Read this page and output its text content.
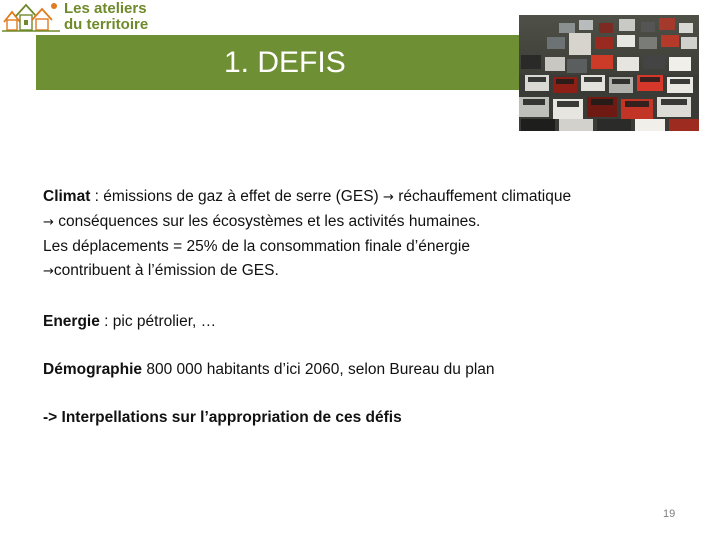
Les ateliers
du territoire
1. DEFIS

Climat : émissions de gaz à effet de serre (GES) → réchauffement climatique
→ conséquences sur les écosystèmes et les activités humaines.
Les déplacements = 25% de la consommation finale d’énergie
→contribuent à l’émission de GES.

Energie : pic pétrolier, …

Démographie 800 000 habitants d’ici 2060, selon Bureau du plan

-> Interpellations sur l’appropriation de ces défis

19
